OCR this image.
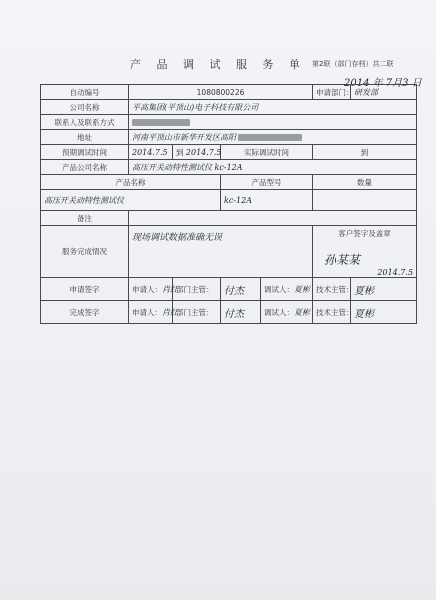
产 品 调 试 服 务 单 第2联（部门存档）共二联
2014 年 7月3 日
自动编号	1080800226				申请部门：	研发部
公司名称	平高集团(平顶山)电子科技有限公司					
联系人及联系方式						
地址	河南平顶山市新华开发区高阳					
预期调试时间	2014.7.5	到 2014.7.5	实际调试时间		到	
产品公司名称	高压开关动特性测试仪 kc-12A					
产品名称			产品型号		数量	
高压开关动特性测试仪			kc-12A			
备注						
服务完成情况	现场调试数据准确无误				客户签字及盖章
孙某某
2014.7.5	

申请签字	申请人：肖红	部门主管：	付杰	调试人：夏彬	技术主管：	夏彬
完成签字	申请人：肖红	部门主管：	付杰	调试人：夏彬	技术主管：	夏彬
